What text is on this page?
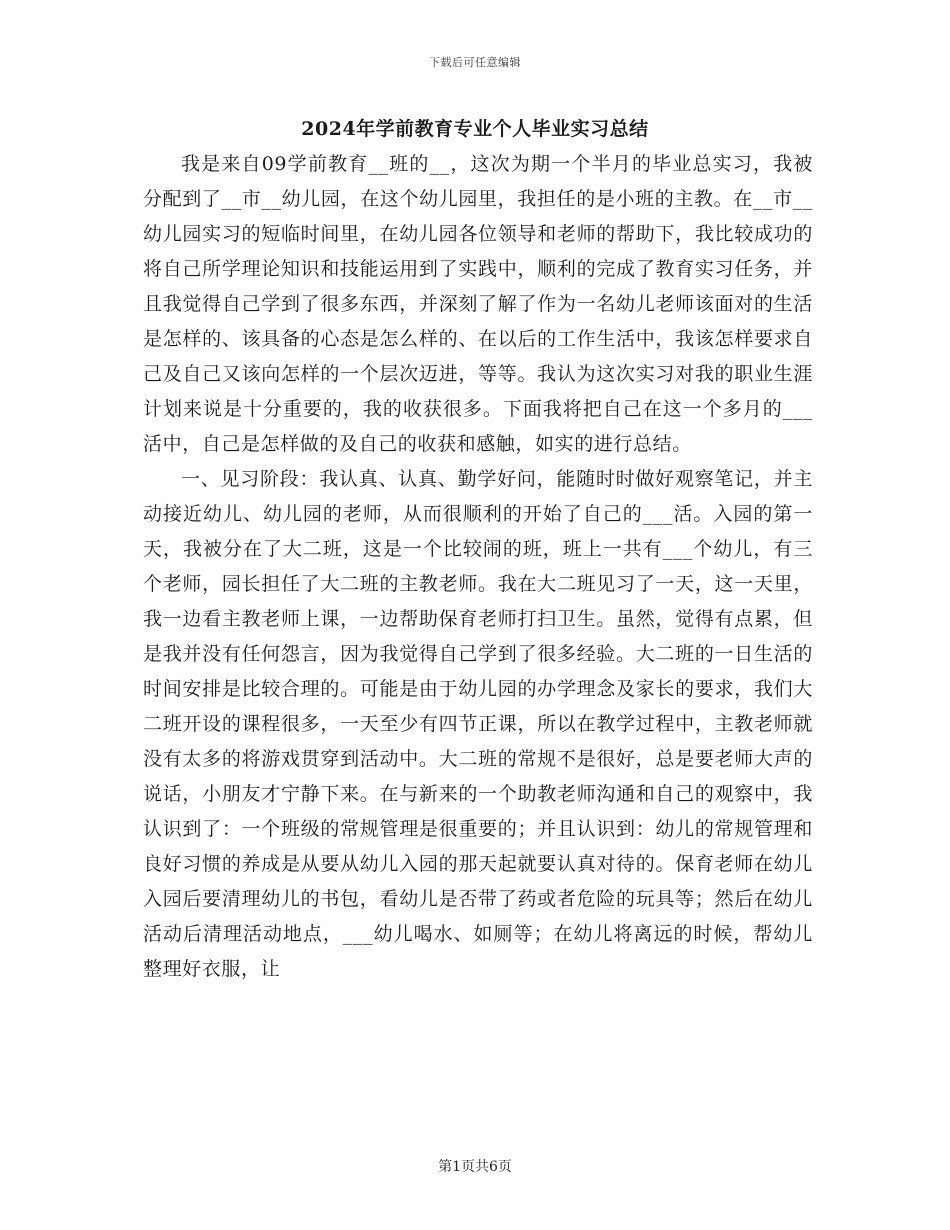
下载后可任意编辑
2024年学前教育专业个人毕业实习总结

我是来自09学前教育__班的__，这次为期一个半月的毕业总实习，我被分配到了__市__幼儿园，在这个幼儿园里，我担任的是小班的主教。在__市__幼儿园实习的短临时间里，在幼儿园各位领导和老师的帮助下，我比较成功的将自己所学理论知识和技能运用到了实践中，顺利的完成了教育实习任务，并且我觉得自己学到了很多东西，并深刻了解了作为一名幼儿老师该面对的生活是怎样的、该具备的心态是怎么样的、在以后的工作生活中，我该怎样要求自己及自己又该向怎样的一个层次迈进，等等。我认为这次实习对我的职业生涯计划来说是十分重要的，我的收获很多。下面我将把自己在这一个多月的___活中，自己是怎样做的及自己的收获和感触，如实的进行总结。

一、见习阶段：我认真、认真、勤学好问，能随时时做好观察笔记，并主动接近幼儿、幼儿园的老师，从而很顺利的开始了自己的___活。入园的第一天，我被分在了大二班，这是一个比较闹的班，班上一共有___个幼儿，有三个老师，园长担任了大二班的主教老师。我在大二班见习了一天，这一天里，我一边看主教老师上课，一边帮助保育老师打扫卫生。虽然，觉得有点累，但是我并没有任何怨言，因为我觉得自己学到了很多经验。大二班的一日生活的时间安排是比较合理的。可能是由于幼儿园的办学理念及家长的要求，我们大二班开设的课程很多，一天至少有四节正课，所以在教学过程中，主教老师就没有太多的将游戏贯穿到活动中。大二班的常规不是很好，总是要老师大声的说话，小朋友才宁静下来。在与新来的一个助教老师沟通和自己的观察中，我认识到了：一个班级的常规管理是很重要的；并且认识到：幼儿的常规管理和良好习惯的养成是从要从幼儿入园的那天起就要认真对待的。保育老师在幼儿入园后要清理幼儿的书包，看幼儿是否带了药或者危险的玩具等；然后在幼儿活动后清理活动地点，___幼儿喝水、如厕等；在幼儿将离远的时候，帮幼儿整理好衣服，让

第1页共6页
